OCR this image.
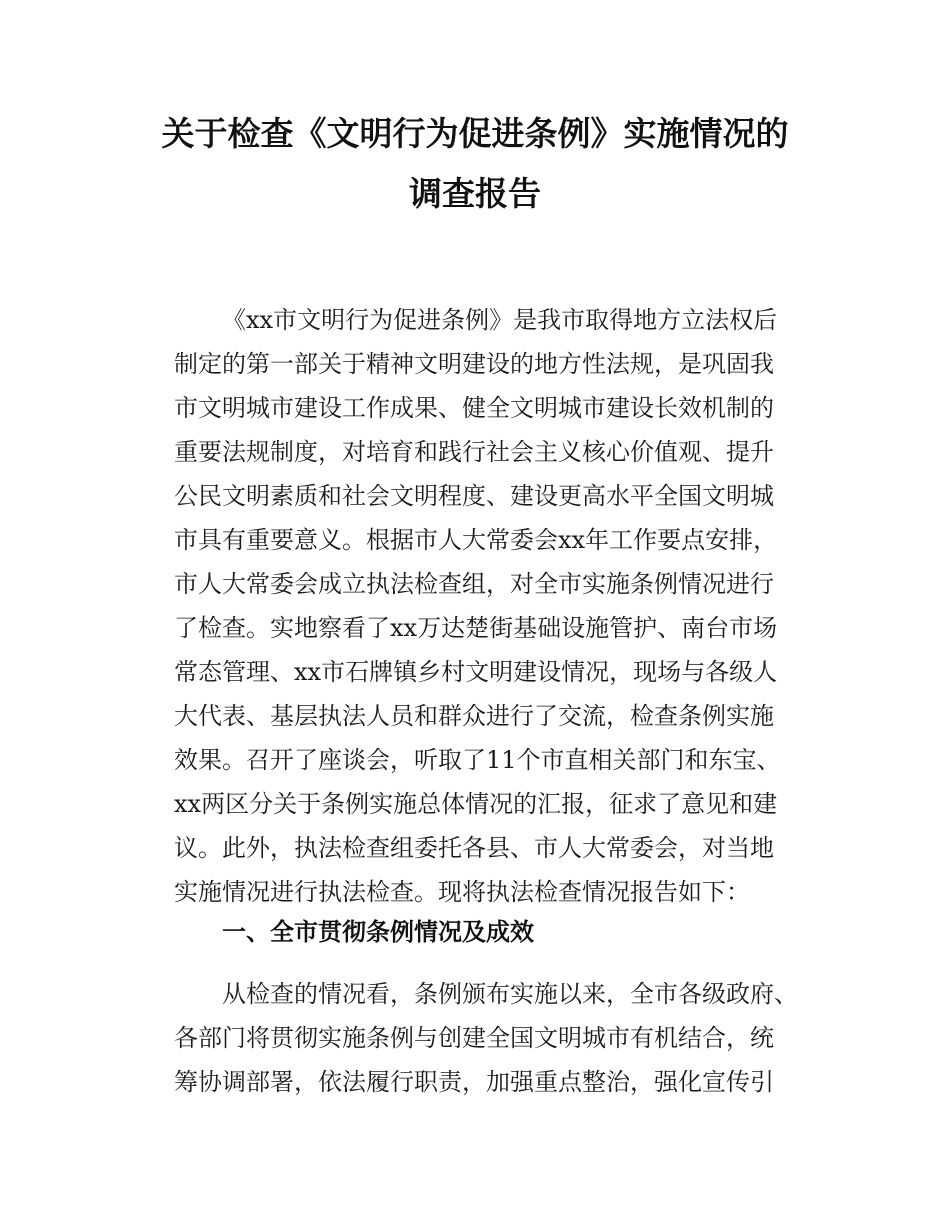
关于检查《文明行为促进条例》实施情况的
调查报告
《xx市文明行为促进条例》是我市取得地方立法权后
制定的第一部关于精神文明建设的地方性法规，是巩固我
市文明城市建设工作成果、健全文明城市建设长效机制的
重要法规制度，对培育和践行社会主义核心价值观、提升
公民文明素质和社会文明程度、建设更高水平全国文明城
市具有重要意义。根据市人大常委会xx年工作要点安排，
市人大常委会成立执法检查组，对全市实施条例情况进行
了检查。实地察看了xx万达楚街基础设施管护、南台市场
常态管理、xx市石牌镇乡村文明建设情况，现场与各级人
大代表、基层执法人员和群众进行了交流，检查条例实施
效果。召开了座谈会，听取了11个市直相关部门和东宝、
xx两区分关于条例实施总体情况的汇报，征求了意见和建
议。此外，执法检查组委托各县、市人大常委会，对当地
实施情况进行执法检查。现将执法检查情况报告如下：
一、全市贯彻条例情况及成效
从检查的情况看，条例颁布实施以来，全市各级政府、
各部门将贯彻实施条例与创建全国文明城市有机结合，统
筹协调部署，依法履行职责，加强重点整治，强化宣传引
